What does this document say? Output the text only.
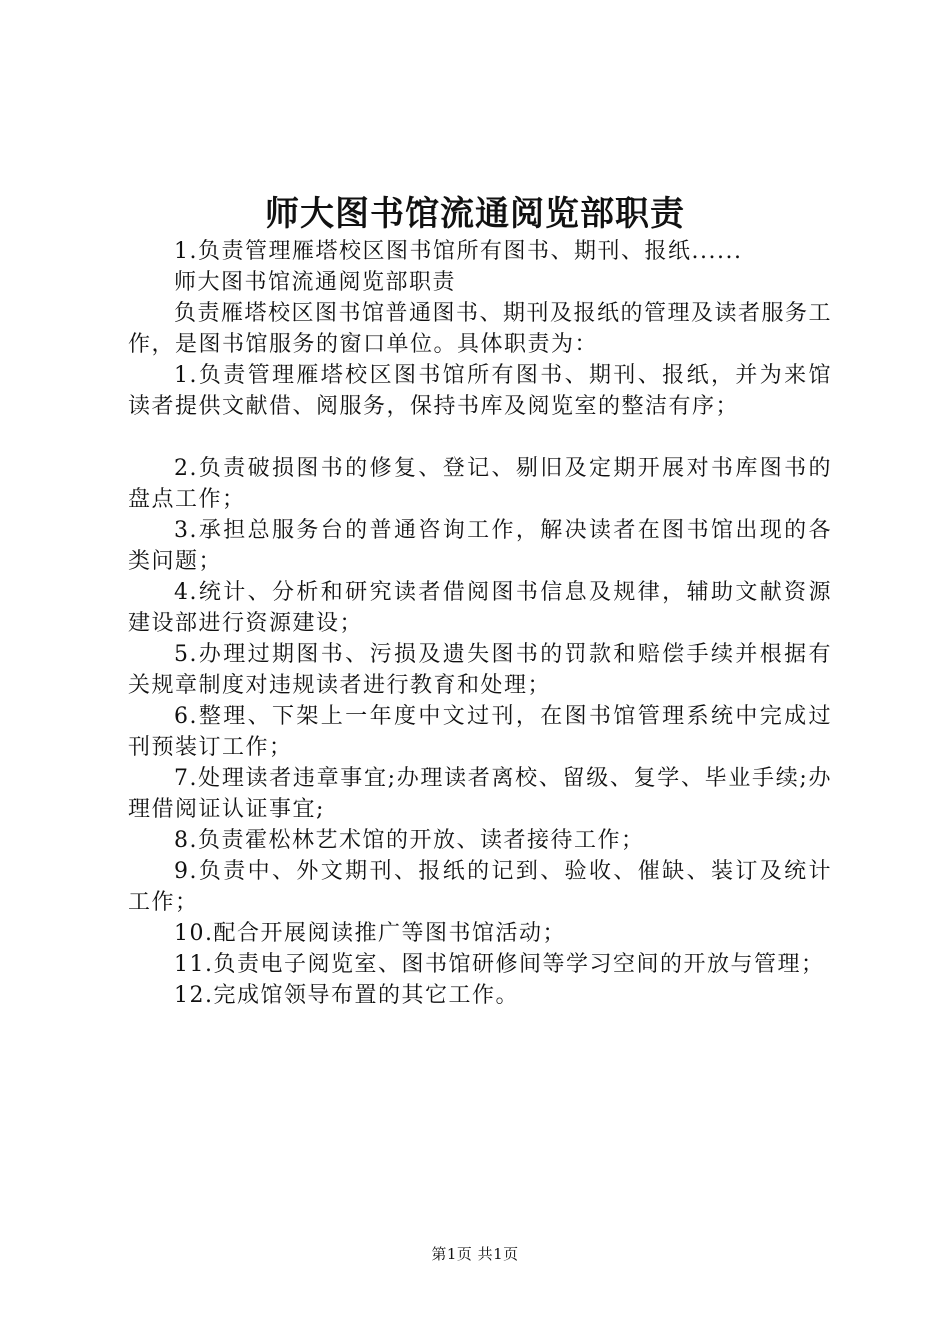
师大图书馆流通阅览部职责

1.负责管理雁塔校区图书馆所有图书、期刊、报纸......

师大图书馆流通阅览部职责

负责雁塔校区图书馆普通图书、期刊及报纸的管理及读者服务工作，是图书馆服务的窗口单位。具体职责为：

1.负责管理雁塔校区图书馆所有图书、期刊、报纸，并为来馆读者提供文献借、阅服务，保持书库及阅览室的整洁有序；

2.负责破损图书的修复、登记、剔旧及定期开展对书库图书的盘点工作；

3.承担总服务台的普通咨询工作，解决读者在图书馆出现的各类问题；

4.统计、分析和研究读者借阅图书信息及规律，辅助文献资源建设部进行资源建设；

5.办理过期图书、污损及遗失图书的罚款和赔偿手续并根据有关规章制度对违规读者进行教育和处理；

6.整理、下架上一年度中文过刊，在图书馆管理系统中完成过刊预装订工作；

7.处理读者违章事宜;办理读者离校、留级、复学、毕业手续;办理借阅证认证事宜;

8.负责霍松林艺术馆的开放、读者接待工作；

9.负责中、外文期刊、报纸的记到、验收、催缺、装订及统计工作；

10.配合开展阅读推广等图书馆活动；

11.负责电子阅览室、图书馆研修间等学习空间的开放与管理；

12.完成馆领导布置的其它工作。

第1页 共1页
